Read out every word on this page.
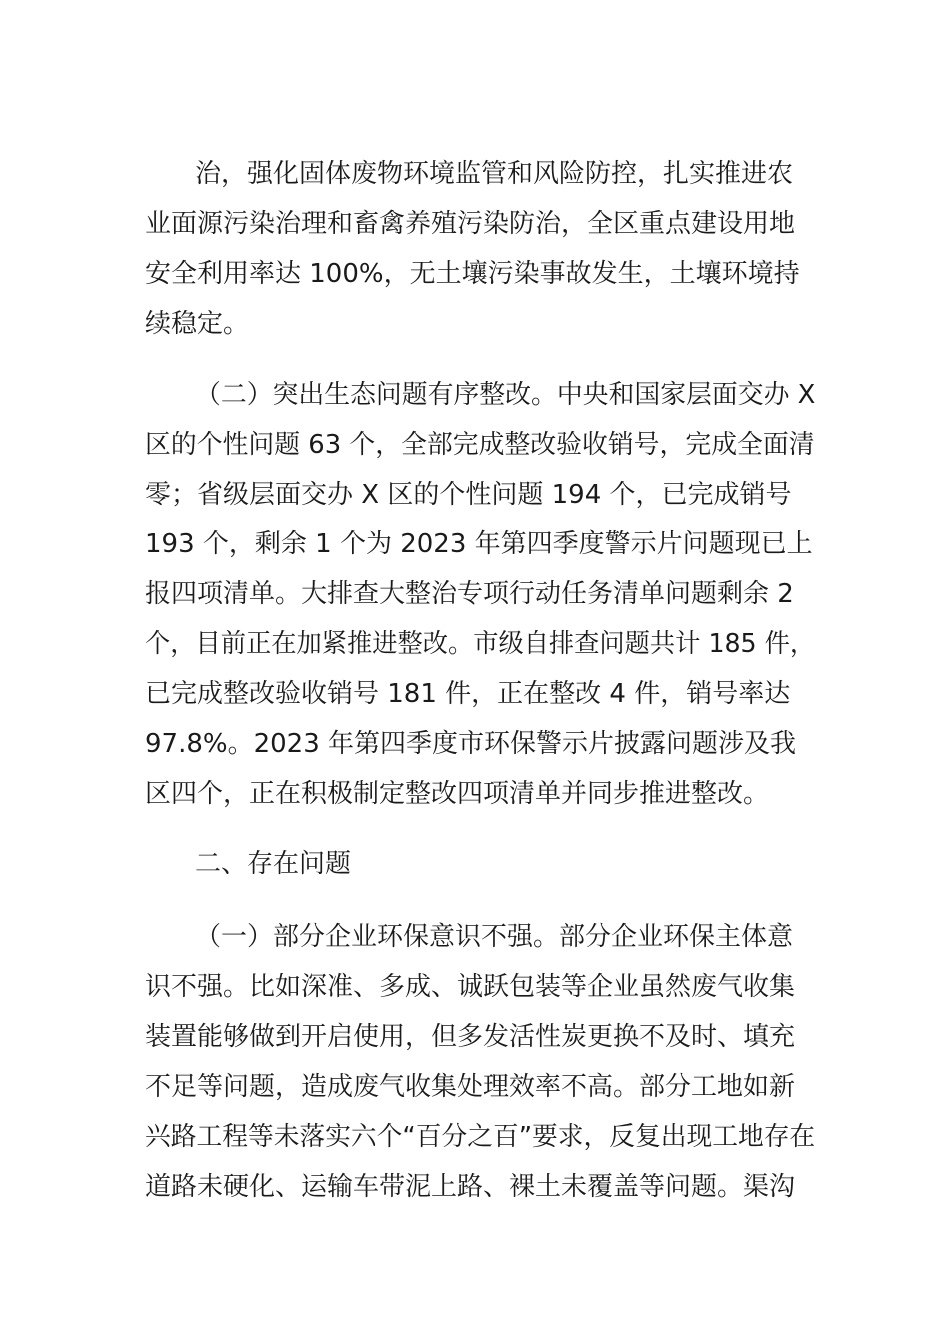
治，强化固体废物环境监管和风险防控，扎实推进农
业面源污染治理和畜禽养殖污染防治，全区重点建设用地
安全利用率达 100%，无土壤污染事故发生，土壤环境持
续稳定。
（二）突出生态问题有序整改。中央和国家层面交办 X
区的个性问题 63 个，全部完成整改验收销号，完成全面清
零；省级层面交办 X 区的个性问题 194 个，已完成销号
193 个，剩余 1 个为 2023 年第四季度警示片问题现已上
报四项清单。大排查大整治专项行动任务清单问题剩余 2
个，目前正在加紧推进整改。市级自排查问题共计 185 件，
已完成整改验收销号 181 件，正在整改 4 件，销号率达
97.8%。2023 年第四季度市环保警示片披露问题涉及我
区四个，正在积极制定整改四项清单并同步推进整改。
二、存在问题
（一）部分企业环保意识不强。部分企业环保主体意
识不强。比如深准、多成、诚跃包装等企业虽然废气收集
装置能够做到开启使用，但多发活性炭更换不及时、填充
不足等问题，造成废气收集处理效率不高。部分工地如新
兴路工程等未落实六个“百分之百”要求，反复出现工地存在
道路未硬化、运输车带泥上路、裸土未覆盖等问题。渠沟
